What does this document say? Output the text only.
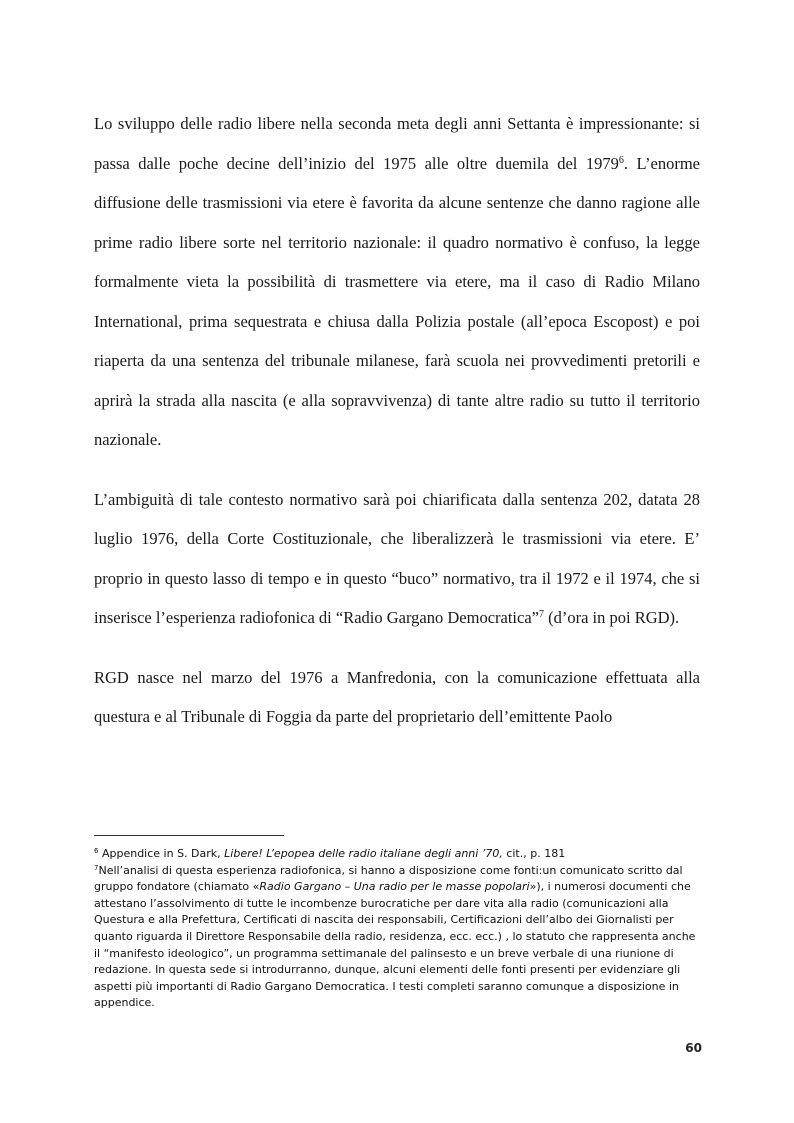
Lo sviluppo delle radio libere nella seconda meta degli anni Settanta è impressionante: si passa dalle poche decine dell’inizio del 1975 alle oltre duemila del 1979$^6$. L’enorme diffusione delle trasmissioni via etere è favorita da alcune sentenze che danno ragione alle prime radio libere sorte nel territorio nazionale: il quadro normativo è confuso, la legge formalmente vieta la possibilità di trasmettere via etere, ma il caso di Radio Milano International, prima sequestrata e chiusa dalla Polizia postale (all’epoca Escopost) e poi riaperta da una sentenza del tribunale milanese, farà scuola nei provvedimenti pretorili e aprirà la strada alla nascita (e alla sopravvivenza) di tante altre radio su tutto il territorio nazionale.

L’ambiguità di tale contesto normativo sarà poi chiarificata dalla sentenza 202, datata 28 luglio 1976, della Corte Costituzionale, che liberalizzerà le trasmissioni via etere. E’ proprio in questo lasso di tempo e in questo “buco” normativo, tra il 1972 e il 1974, che si inserisce l’esperienza radiofonica di “Radio Gargano Democratica”$^7$ (d’ora in poi RGD).

RGD nasce nel marzo del 1976 a Manfredonia, con la comunicazione effettuata alla questura e al Tribunale di Foggia da parte del proprietario dell’emittente Paolo

$^6$ Appendice in S. Dark, Libere! L’epopea delle radio italiane degli anni ’70, cit., p. 181

$^7$Nell’analisi di questa esperienza radiofonica, si hanno a disposizione come fonti:un comunicato scritto dal gruppo fondatore (chiamato «Radio Gargano – Una radio per le masse popolari»), i numerosi documenti che attestano l’assolvimento di tutte le incombenze burocratiche per dare vita alla radio (comunicazioni alla Questura e alla Prefettura, Certificati di nascita dei responsabili, Certificazioni dell’albo dei Giornalisti per quanto riguarda il Direttore Responsabile della radio, residenza, ecc. ecc.) , lo statuto che rappresenta anche il “manifesto ideologico”, un programma settimanale del palinsesto e un breve verbale di una riunione di redazione. In questa sede si introdurranno, dunque, alcuni elementi delle fonti presenti per evidenziare gli aspetti più importanti di Radio Gargano Democratica. I testi completi saranno comunque a disposizione in appendice.

60
